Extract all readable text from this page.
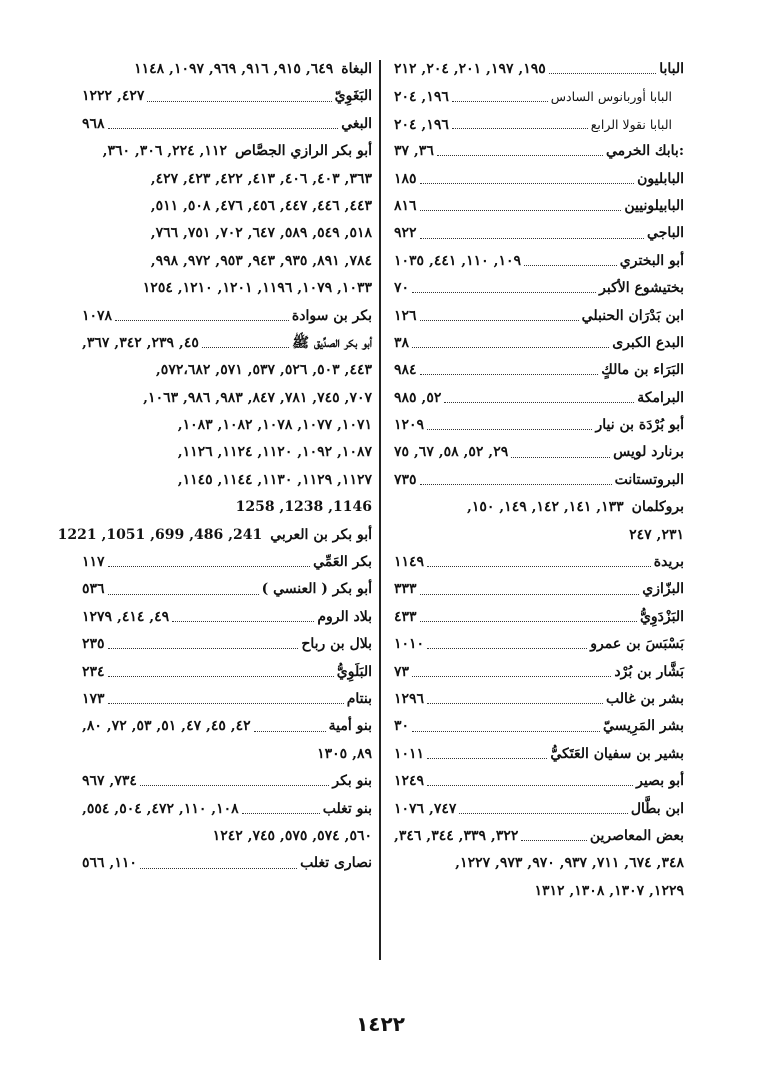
البابا
١٩٥, ١٩٧, ٢٠١, ٢٠٤, ٢١٢
البابا أوربانوس السادس
١٩٦, ٢٠٤
البابا نقولا الرابع
١٩٦, ٢٠٤
:بابك الخرمي
٣٦, ٣٧
البابليون
١٨٥
البابيلونيين
٨١٦
الباجي
٩٢٢
أبو البختري
١٠٩, ١١٠, ٤٤١, ١٠٣٥
بختيشوع الأكبر
٧٠
ابن بَدْرَان الحنبلي
١٢٦
البدع الكبرى
٣٨
البَرَاء بن مالكٍ
٩٨٤
البرامكة
٥٢, ٩٨٥
أبو بُرْدَة بن نيار
١٢٠٩
برنارد لويس
٢٩, ٥٢, ٥٨, ٦٧, ٧٥
البروتستانت
٧٣٥
بروكلمان
١٣٣, ١٤١, ١٤٢, ١٤٩, ١٥٠,
٢٣١, ٢٤٧
بريدة
١١٤٩
البزّازي
٣٣٣
البَزْدَوِيُّ
٤٣٣
بَسْبَسَ بن عمرو
١٠١٠
بَشَّار بن بُرْد
٧٣
بشر بن غالب
١٢٩٦
بشر المَرِيسيّ
٣٠
بشير بن سفيان العَتَكيُّ
١٠١١
أبو بصير
١٢٤٩
ابن بطَّال
٧٤٧, ١٠٧٦
بعض المعاصرين
٣٢٢, ٣٣٩, ٣٤٤, ٣٤٦,
٣٤٨, ٦٧٤, ٧١١, ٩٣٧, ٩٧٠, ٩٧٣, ١٢٢٧,
١٢٢٩, ١٣٠٧, ١٣٠٨, ١٣١٢
البغاة
٦٤٩, ٩١٥, ٩١٦, ٩٦٩, ١٠٩٧, ١١٤٨
البَغَوِيّ
٤٢٧, ١٢٢٢
البغي
٩٦٨
أبو بكر الرازي الجصَّاص
١١٢, ٢٢٤, ٣٠٦, ٣٦٠,
٣٦٣, ٤٠٣, ٤٠٦, ٤١٣, ٤٢٢, ٤٢٣, ٤٢٧,
٤٤٣, ٤٤٦, ٤٤٧, ٤٥٦, ٤٧٦, ٥٠٨, ٥١١,
٥١٨, ٥٤٩, ٥٨٩, ٦٤٧, ٧٠٢, ٧٥١, ٧٦٦,
٧٨٤, ٨٩١, ٩٣٥, ٩٤٣, ٩٥٣, ٩٧٢, ٩٩٨,
١٠٣٣, ١٠٧٩, ١١٩٦, ١٢٠١, ١٢١٠, ١٢٥٤
بكر بن سوادة
١٠٧٨
أبو بكر الصدِّيق ﷺ
٤٥, ٢٣٩, ٣٤٢, ٣٦٧,
٤٤٣, ٥٠٣, ٥٢٦, ٥٣٧, ٥٧١, ٥٧٢،٦٨٢,
٧٠٧, ٧٤٥, ٧٨١, ٨٤٧, ٩٨٣, ٩٨٦, ١٠٦٣,
١٠٧١, ١٠٧٧, ١٠٧٨, ١٠٨٢, ١٠٨٣,
١٠٨٧, ١٠٩٢, ١١٢٠, ١١٢٤, ١١٢٦,
١١٢٧, ١١٢٩, ١١٣٠, ١١٤٤, ١١٤٥,
1146, 1238, 1258
أبو بكر بن العربي
241, 486, 699, 1051, 1221
بكر العَمِّي
١١٧
أبو بكر ( العنسي )
٥٣٦
بلاد الروم
٤٩, ٤١٤, ١٢٧٩
بلال بن رباح
٢٣٥
البَلَوِيُّ
٢٣٤
بنتام
١٧٣
بنو أمية
٤٢, ٤٥, ٤٧, ٥١, ٥٣, ٧٢, ٨٠,
٨٩, ١٣٠٥
بنو بكر
٧٣٤, ٩٦٧
بنو تغلب
١٠٨, ١١٠, ٤٧٢, ٥٠٤, ٥٥٤,
٥٦٠, ٥٧٤, ٥٧٥, ٧٤٥, ١٢٤٢
نصارى تغلب
١١٠, ٥٦٦
١٤٢٢
